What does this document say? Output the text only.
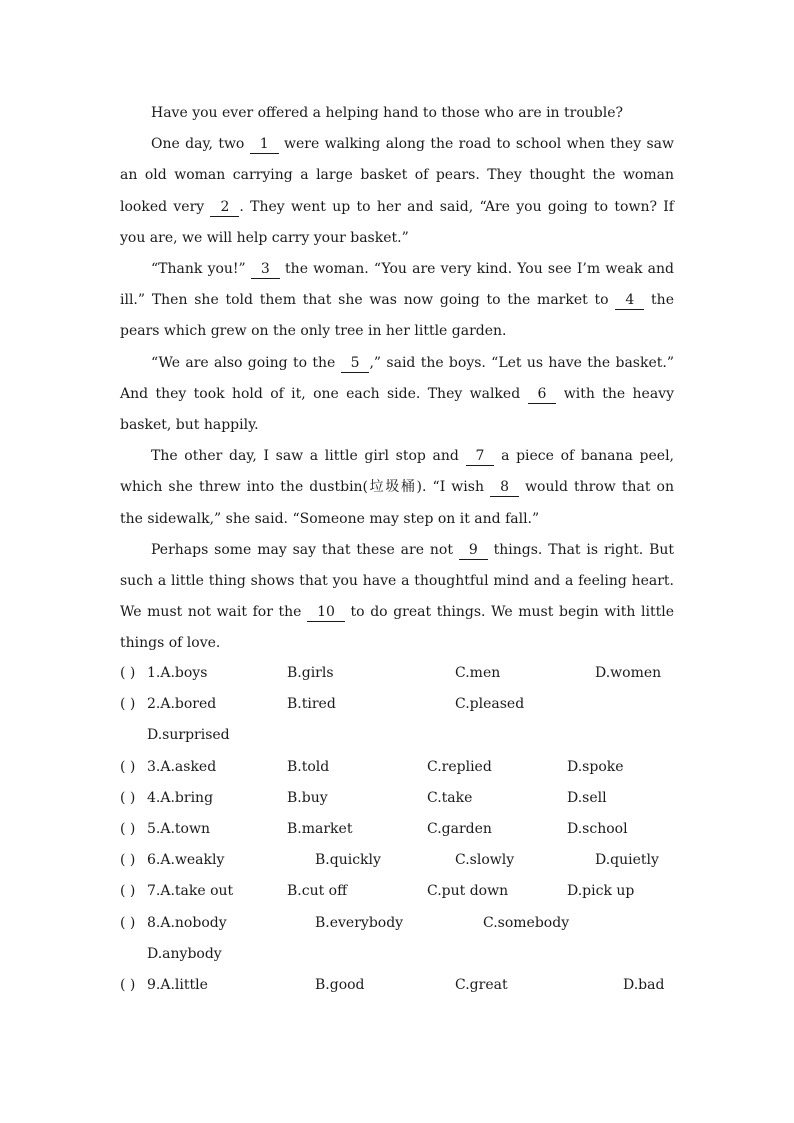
Have you ever offered a helping hand to those who are in trouble?

One day, two 1 were walking along the road to school when they saw an old woman carrying a large basket of pears. They thought the woman looked very 2 . They went up to her and said, “Are you going to town? If you are, we will help carry your basket.”

“Thank you!” 3 the woman. “You are very kind. You see I’m weak and ill.” Then she told them that she was now going to the market to 4 the pears which grew on the only tree in her little garden.

“We are also going to the 5 ,” said the boys. “Let us have the basket.” And they took hold of it, one each side. They walked 6 with the heavy basket, but happily.

The other day, I saw a little girl stop and 7 a piece of banana peel, which she threw into the dustbin(垃圾桶). “I wish 8 would throw that on the sidewalk,” she said. “Someone may step on it and fall.”

Perhaps some may say that these are not 9 things. That is right. But such a little thing shows that you have a thoughtful mind and a feeling heart. We must not wait for the 10 to do great things. We must begin with little things of love.

( ) 1.A.boys	B.girls	C.men	D.women
( ) 2.A.bored	B.tired	C.pleased
D.surprised
( ) 3.A.asked	B.told	C.replied	D.spoke
( ) 4.A.bring	B.buy	C.take	D.sell
( ) 5.A.town	B.market	C.garden	D.school
( ) 6.A.weakly	B.quickly	C.slowly	D.quietly
( ) 7.A.take out	B.cut off	C.put down	D.pick up
( ) 8.A.nobody	B.everybody	C.somebody
D.anybody
( ) 9.A.little	B.good	C.great	D.bad
